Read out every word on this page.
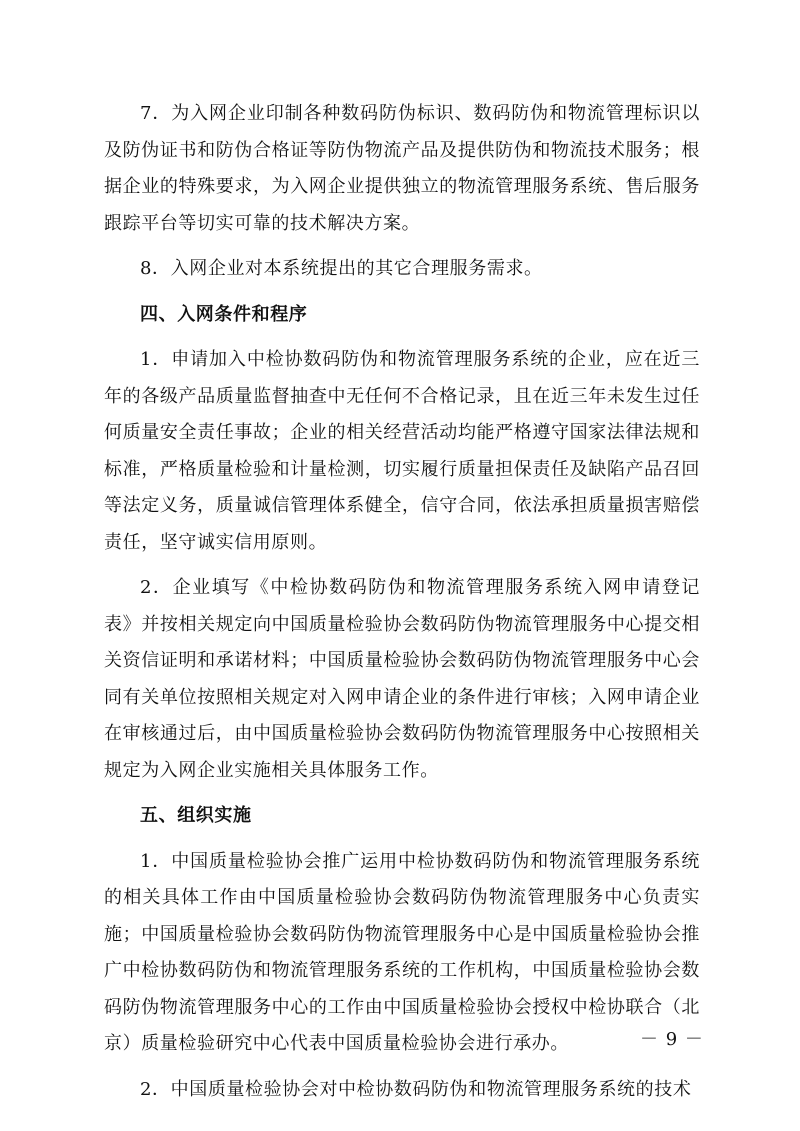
7．为入网企业印制各种数码防伪标识、数码防伪和物流管理标识以及防伪证书和防伪合格证等防伪物流产品及提供防伪和物流技术服务；根据企业的特殊要求，为入网企业提供独立的物流管理服务系统、售后服务跟踪平台等切实可靠的技术解决方案。

8．入网企业对本系统提出的其它合理服务需求。

四、入网条件和程序

1．申请加入中检协数码防伪和物流管理服务系统的企业，应在近三年的各级产品质量监督抽查中无任何不合格记录，且在近三年未发生过任何质量安全责任事故；企业的相关经营活动均能严格遵守国家法律法规和标准，严格质量检验和计量检测，切实履行质量担保责任及缺陷产品召回等法定义务，质量诚信管理体系健全，信守合同，依法承担质量损害赔偿责任，坚守诚实信用原则。

2．企业填写《中检协数码防伪和物流管理服务系统入网申请登记表》并按相关规定向中国质量检验协会数码防伪物流管理服务中心提交相关资信证明和承诺材料；中国质量检验协会数码防伪物流管理服务中心会同有关单位按照相关规定对入网申请企业的条件进行审核；入网申请企业在审核通过后，由中国质量检验协会数码防伪物流管理服务中心按照相关规定为入网企业实施相关具体服务工作。

五、组织实施

1．中国质量检验协会推广运用中检协数码防伪和物流管理服务系统的相关具体工作由中国质量检验协会数码防伪物流管理服务中心负责实施；中国质量检验协会数码防伪物流管理服务中心是中国质量检验协会推广中检协数码防伪和物流管理服务系统的工作机构，中国质量检验协会数码防伪物流管理服务中心的工作由中国质量检验协会授权中检协联合（北京）质量检验研究中心代表中国质量检验协会进行承办。

2．中国质量检验协会对中检协数码防伪和物流管理服务系统的技术

－ 9 －
